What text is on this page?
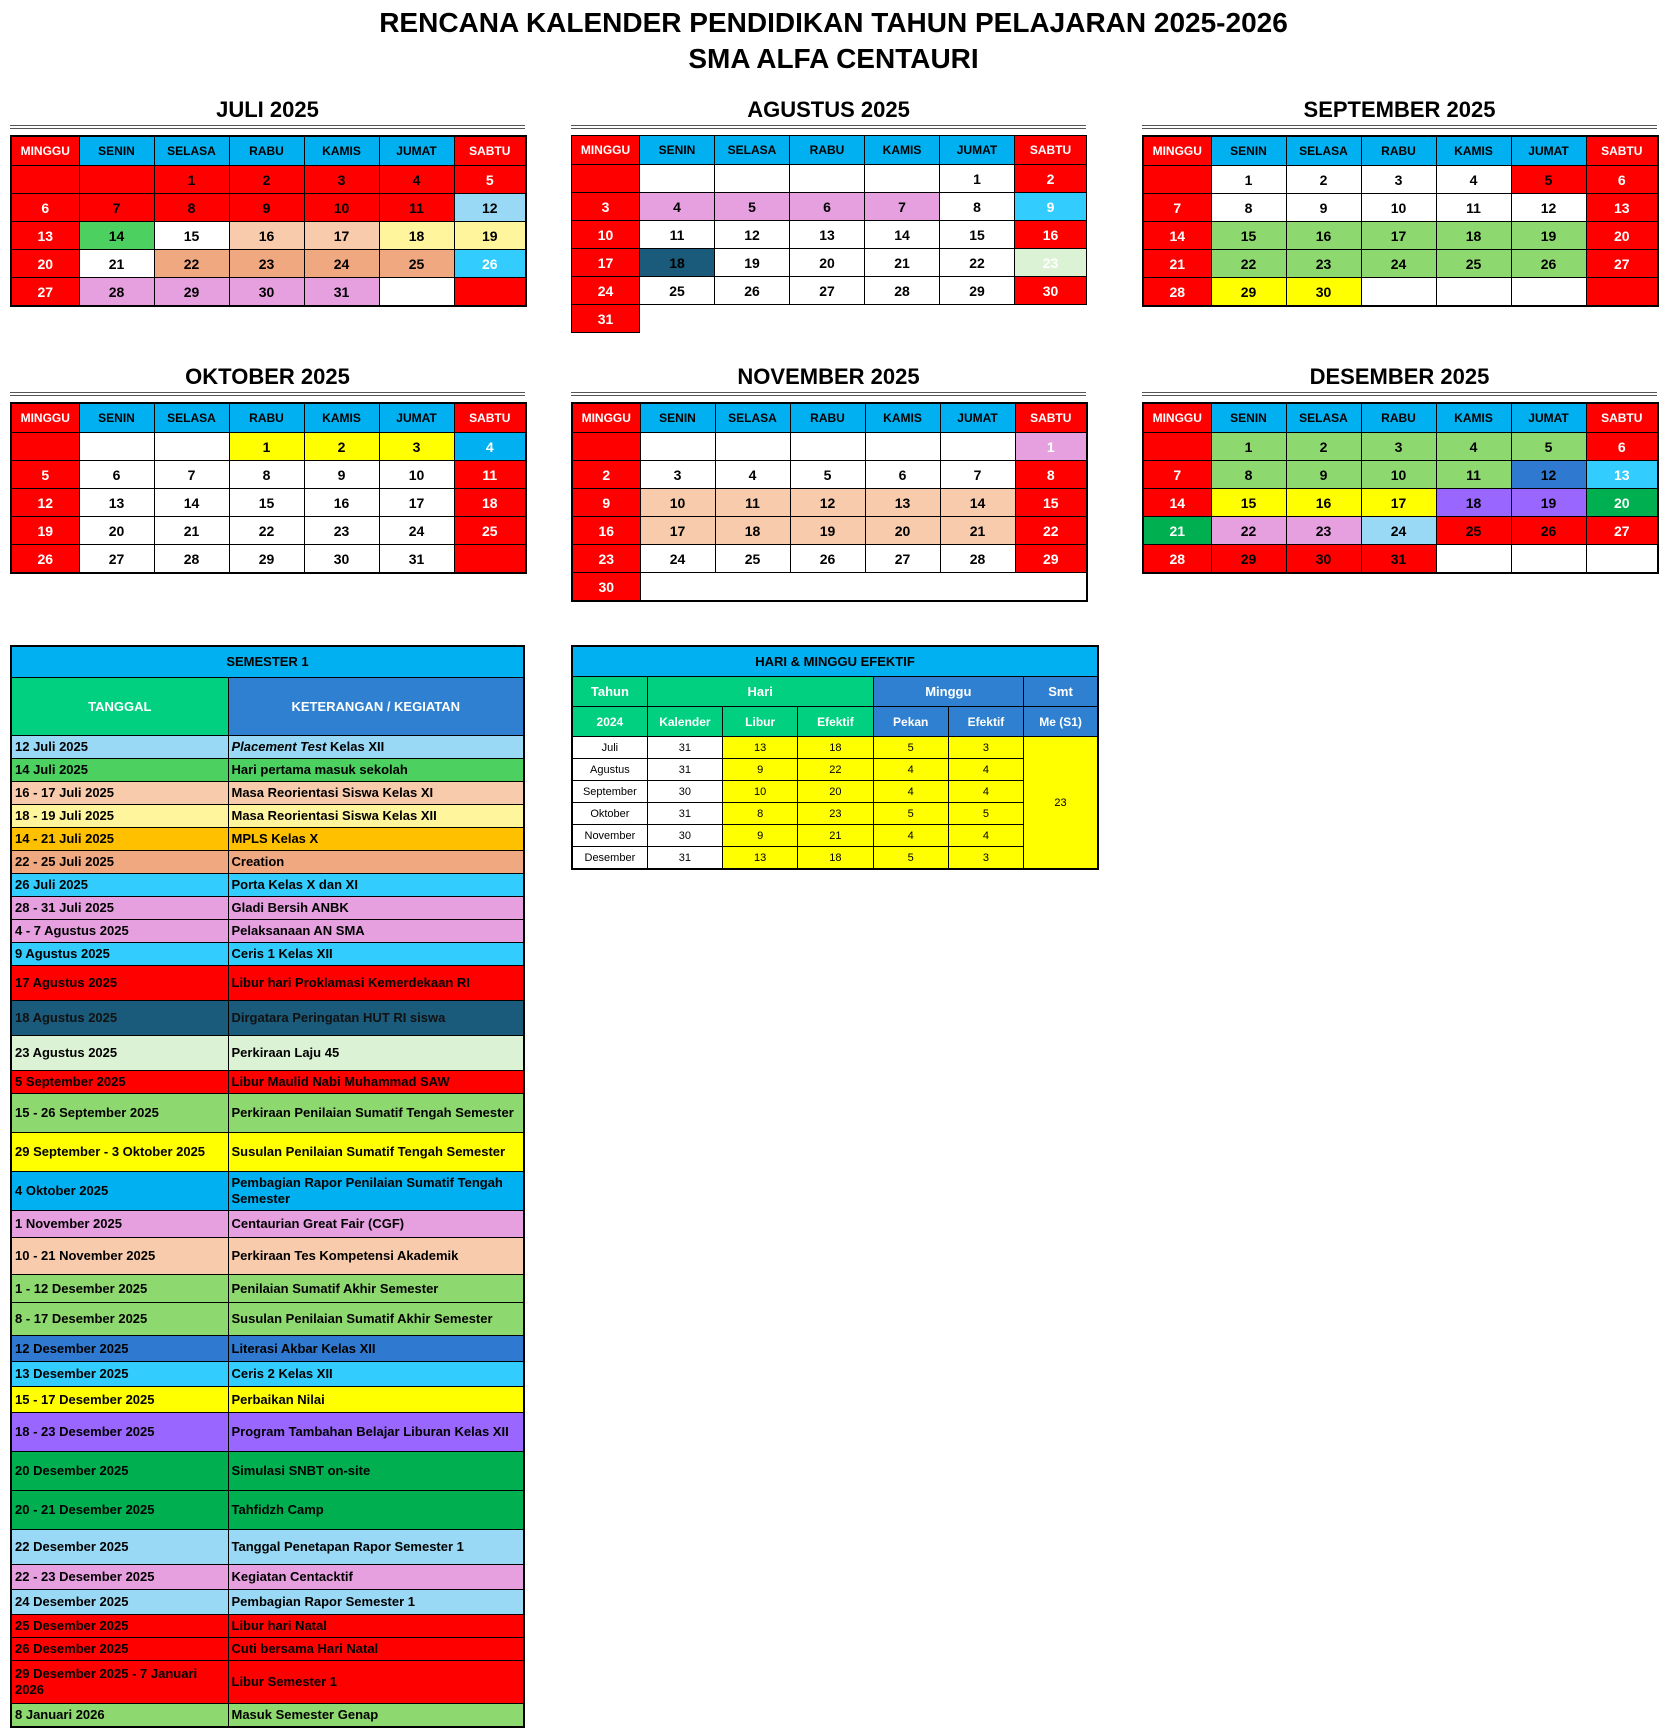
RENCANA KALENDER PENDIDIKAN TAHUN PELAJARAN 2025-2026
SMA ALFA CENTAURI
JULI 2025
MINGGU	SENIN	SELASA	RABU	KAMIS	JUMAT	SABTU
		1	2	3	4	5
6	7	8	9	10	11	12
13	14	15	16	17	18	19
20	21	22	23	24	25	26
27	28	29	30	31		
AGUSTUS 2025
MINGGU	SENIN	SELASA	RABU	KAMIS	JUMAT	SABTU
					1	2
3	4	5	6	7	8	9
10	11	12	13	14	15	16
17	18	19	20	21	22	23
24	25	26	27	28	29	30
31						
SEPTEMBER 2025
MINGGU	SENIN	SELASA	RABU	KAMIS	JUMAT	SABTU
	1	2	3	4	5	6
7	8	9	10	11	12	13
14	15	16	17	18	19	20
21	22	23	24	25	26	27
28	29	30				
OKTOBER 2025
MINGGU	SENIN	SELASA	RABU	KAMIS	JUMAT	SABTU
			1	2	3	4
5	6	7	8	9	10	11
12	13	14	15	16	17	18
19	20	21	22	23	24	25
26	27	28	29	30	31	
NOVEMBER 2025
MINGGU	SENIN	SELASA	RABU	KAMIS	JUMAT	SABTU
						1
2	3	4	5	6	7	8
9	10	11	12	13	14	15
16	17	18	19	20	21	22
23	24	25	26	27	28	29
30						
DESEMBER 2025
MINGGU	SENIN	SELASA	RABU	KAMIS	JUMAT	SABTU
	1	2	3	4	5	6
7	8	9	10	11	12	13
14	15	16	17	18	19	20
21	22	23	24	25	26	27
28	29	30	31			
SEMESTER 1	
TANGGAL	KETERANGAN / KEGIATAN
12 Juli 2025	Placement Test Kelas XII
14 Juli 2025	Hari pertama masuk sekolah
16 - 17 Juli 2025	Masa Reorientasi Siswa Kelas XI
18 - 19 Juli 2025	Masa Reorientasi Siswa Kelas XII
14 - 21 Juli 2025	MPLS Kelas X
22 - 25 Juli 2025	Creation
26 Juli 2025	Porta Kelas X dan XI
28 - 31 Juli 2025	Gladi Bersih ANBK
4 - 7 Agustus 2025	Pelaksanaan AN SMA
9 Agustus 2025	Ceris 1 Kelas XII
17 Agustus 2025	Libur hari Proklamasi Kemerdekaan RI
18 Agustus 2025	Dirgatara Peringatan HUT RI siswa
23 Agustus 2025	Perkiraan Laju 45
5 September 2025	Libur Maulid Nabi Muhammad SAW
15 - 26 September 2025	Perkiraan Penilaian Sumatif Tengah Semester
29 September - 3 Oktober 2025	Susulan Penilaian Sumatif Tengah Semester
4 Oktober 2025	Pembagian Rapor Penilaian Sumatif Tengah Semester
1 November 2025	Centaurian Great Fair (CGF)
10 - 21 November 2025	Perkiraan Tes Kompetensi Akademik
1 - 12 Desember 2025	Penilaian Sumatif Akhir Semester
8 - 17 Desember 2025	Susulan Penilaian Sumatif Akhir Semester
12 Desember 2025	Literasi Akbar Kelas XII
13 Desember 2025	Ceris 2 Kelas XII
15 - 17 Desember 2025	Perbaikan Nilai
18 - 23 Desember 2025	Program Tambahan Belajar Liburan Kelas XII
20 Desember 2025	Simulasi SNBT on-site
20 - 21 Desember 2025	Tahfidzh Camp
22 Desember 2025	Tanggal Penetapan Rapor Semester 1
22 - 23 Desember 2025	Kegiatan Centacktif
24 Desember 2025	Pembagian Rapor Semester 1
25 Desember 2025	Libur hari Natal
26 Desember 2025	Cuti bersama Hari Natal
29 Desember 2025 - 7 Januari 2026	Libur Semester 1
8 Januari 2026	Masuk Semester Genap
HARI & MINGGU EFEKTIF						
Tahun	Hari			Minggu		Smt
2024	Kalender	Libur	Efektif	Pekan	Efektif	Me (S1)
Juli	31	13	18	5	3	23
Agustus	31	9	22	4	4	
September	30	10	20	4	4	
Oktober	31	8	23	5	5	
November	30	9	21	4	4	
Desember	31	13	18	5	3	
